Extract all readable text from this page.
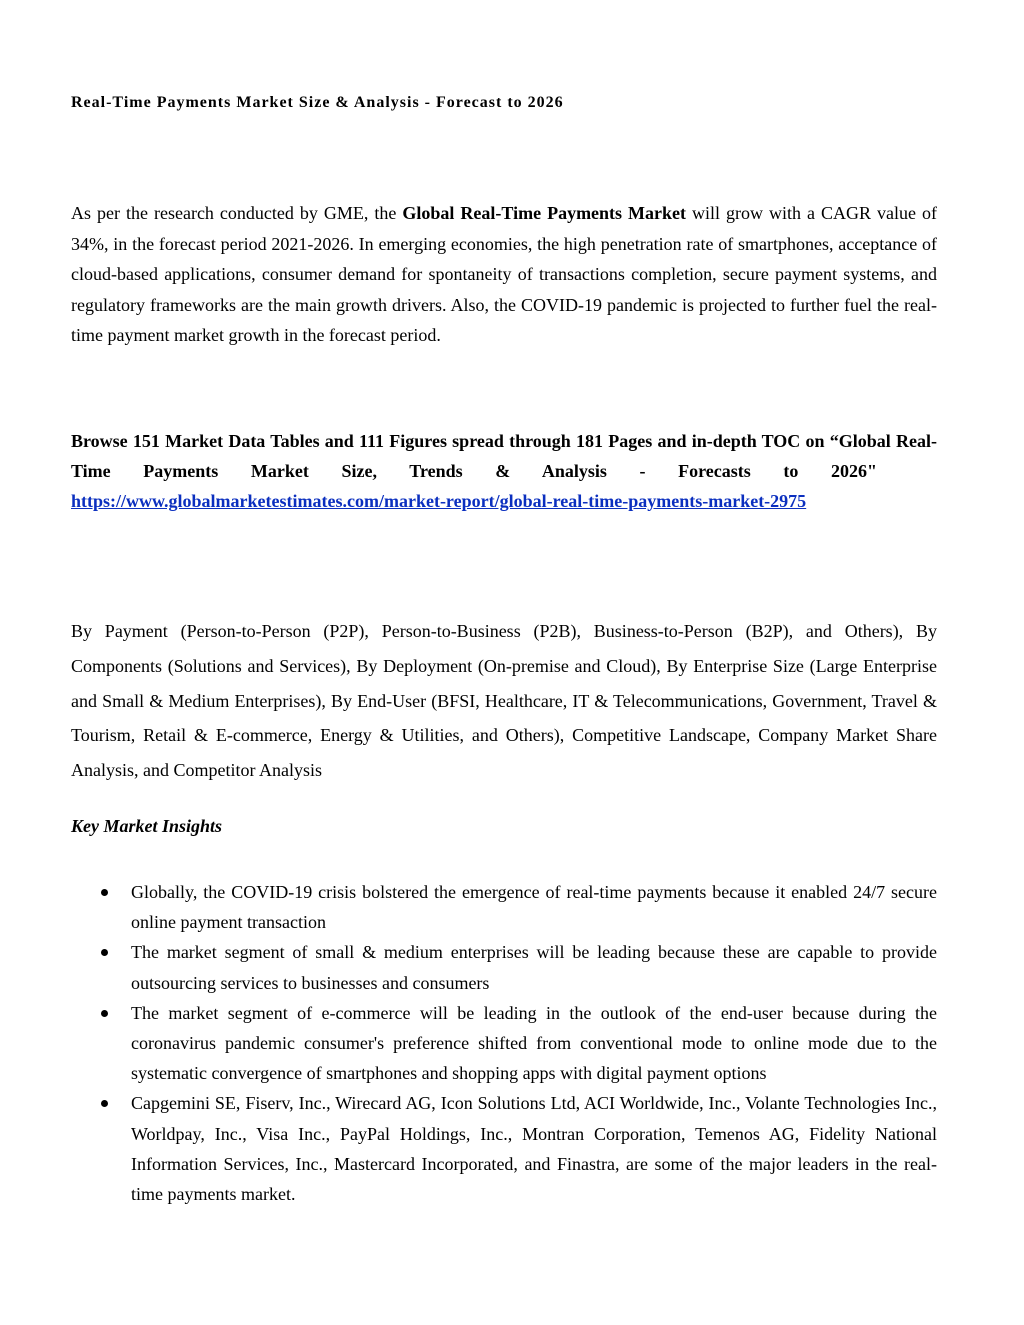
Real-Time Payments Market Size & Analysis - Forecast to 2026
As per the research conducted by GME, the Global Real-Time Payments Market will grow with a CAGR value of 34%, in the forecast period 2021-2026. In emerging economies, the high penetration rate of smartphones, acceptance of cloud-based applications, consumer demand for spontaneity of transactions completion, secure payment systems, and regulatory frameworks are the main growth drivers. Also, the COVID-19 pandemic is projected to further fuel the real-time payment market growth in the forecast period.
Browse 151 Market Data Tables and 111 Figures spread through 181 Pages and in-depth TOC on “Global Real-Time Payments Market Size, Trends & Analysis - Forecasts to 2026"https://www.globalmarketestimates.com/market-report/global-real-time-payments-market-2975
By Payment (Person-to-Person (P2P), Person-to-Business (P2B), Business-to-Person (B2P), and Others), By Components (Solutions and Services), By Deployment (On-premise and Cloud), By Enterprise Size (Large Enterprise and Small & Medium Enterprises), By End-User (BFSI, Healthcare, IT & Telecommunications, Government, Travel & Tourism, Retail & E-commerce, Energy & Utilities, and Others), Competitive Landscape, Company Market Share Analysis, and Competitor Analysis
Key Market Insights
Globally, the COVID-19 crisis bolstered the emergence of real-time payments because it enabled 24/7 secure online payment transaction
The market segment of small & medium enterprises will be leading because these are capable to provide outsourcing services to businesses and consumers
The market segment of e-commerce will be leading in the outlook of the end-user because during the coronavirus pandemic consumer's preference shifted from conventional mode to online mode due to the systematic convergence of smartphones and shopping apps with digital payment options
Capgemini SE, Fiserv, Inc., Wirecard AG, Icon Solutions Ltd, ACI Worldwide, Inc., Volante Technologies Inc., Worldpay, Inc., Visa Inc., PayPal Holdings, Inc., Montran Corporation, Temenos AG, Fidelity National Information Services, Inc., Mastercard Incorporated, and Finastra, are some of the major leaders in the real-time payments market.
